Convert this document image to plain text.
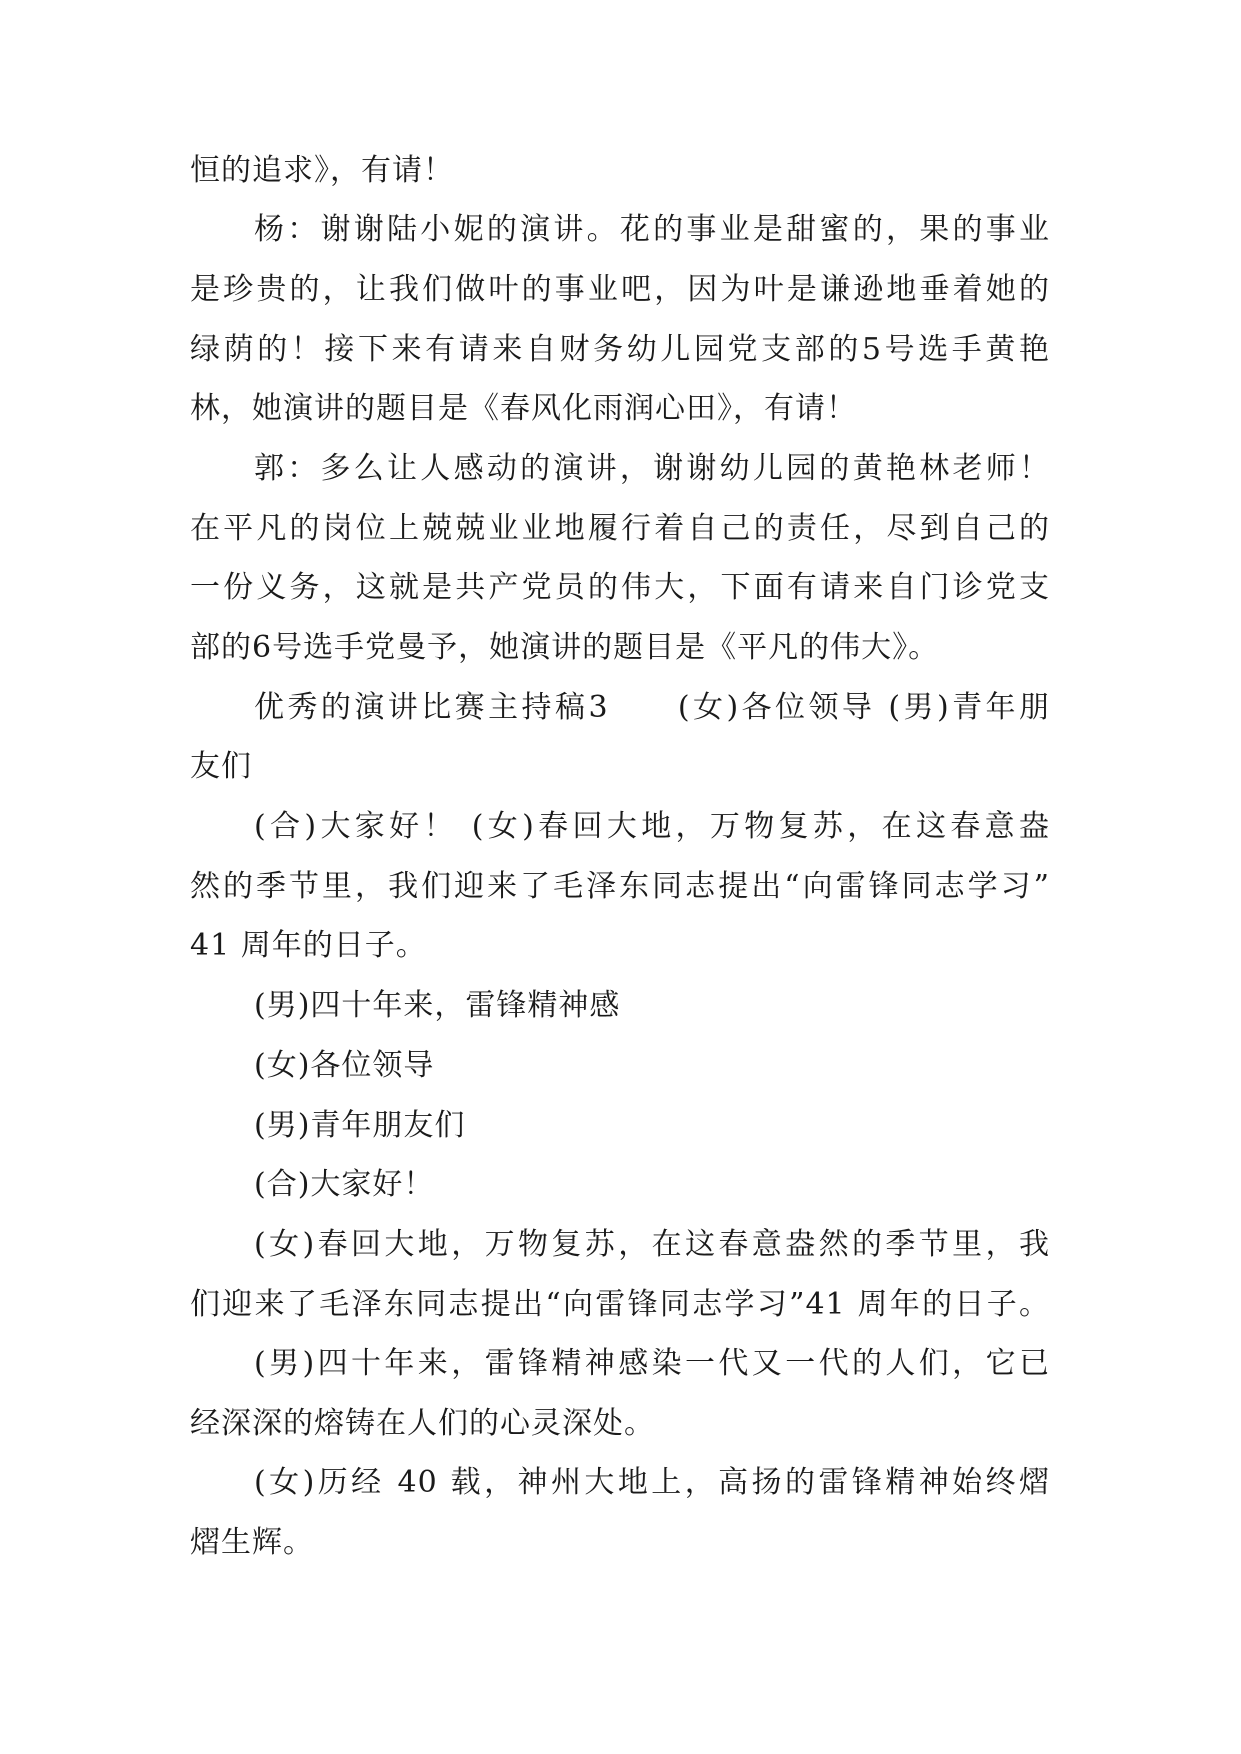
恒的追求》，有请！
杨：谢谢陆小妮的演讲。花的事业是甜蜜的，果的事业
是珍贵的，让我们做叶的事业吧，因为叶是谦逊地垂着她的
绿荫的！接下来有请来自财务幼儿园党支部的5号选手黄艳
林，她演讲的题目是《春风化雨润心田》，有请！
郭：多么让人感动的演讲，谢谢幼儿园的黄艳林老师！
在平凡的岗位上兢兢业业地履行着自己的责任，尽到自己的
一份义务，这就是共产党员的伟大，下面有请来自门诊党支
部的6号选手党曼予，她演讲的题目是《平凡的伟大》。
优秀的演讲比赛主持稿3　　(女)各位领导 (男)青年朋
友们
(合)大家好！ (女)春回大地，万物复苏，在这春意盎
然的季节里，我们迎来了毛泽东同志提出“向雷锋同志学习”
41 周年的日子。
(男)四十年来，雷锋精神感
(女)各位领导
(男)青年朋友们
(合)大家好！
(女)春回大地，万物复苏，在这春意盎然的季节里，我
们迎来了毛泽东同志提出“向雷锋同志学习”41 周年的日子。
(男)四十年来，雷锋精神感染一代又一代的人们，它已
经深深的熔铸在人们的心灵深处。
(女)历经 40 载，神州大地上，高扬的雷锋精神始终熠
熠生辉。
